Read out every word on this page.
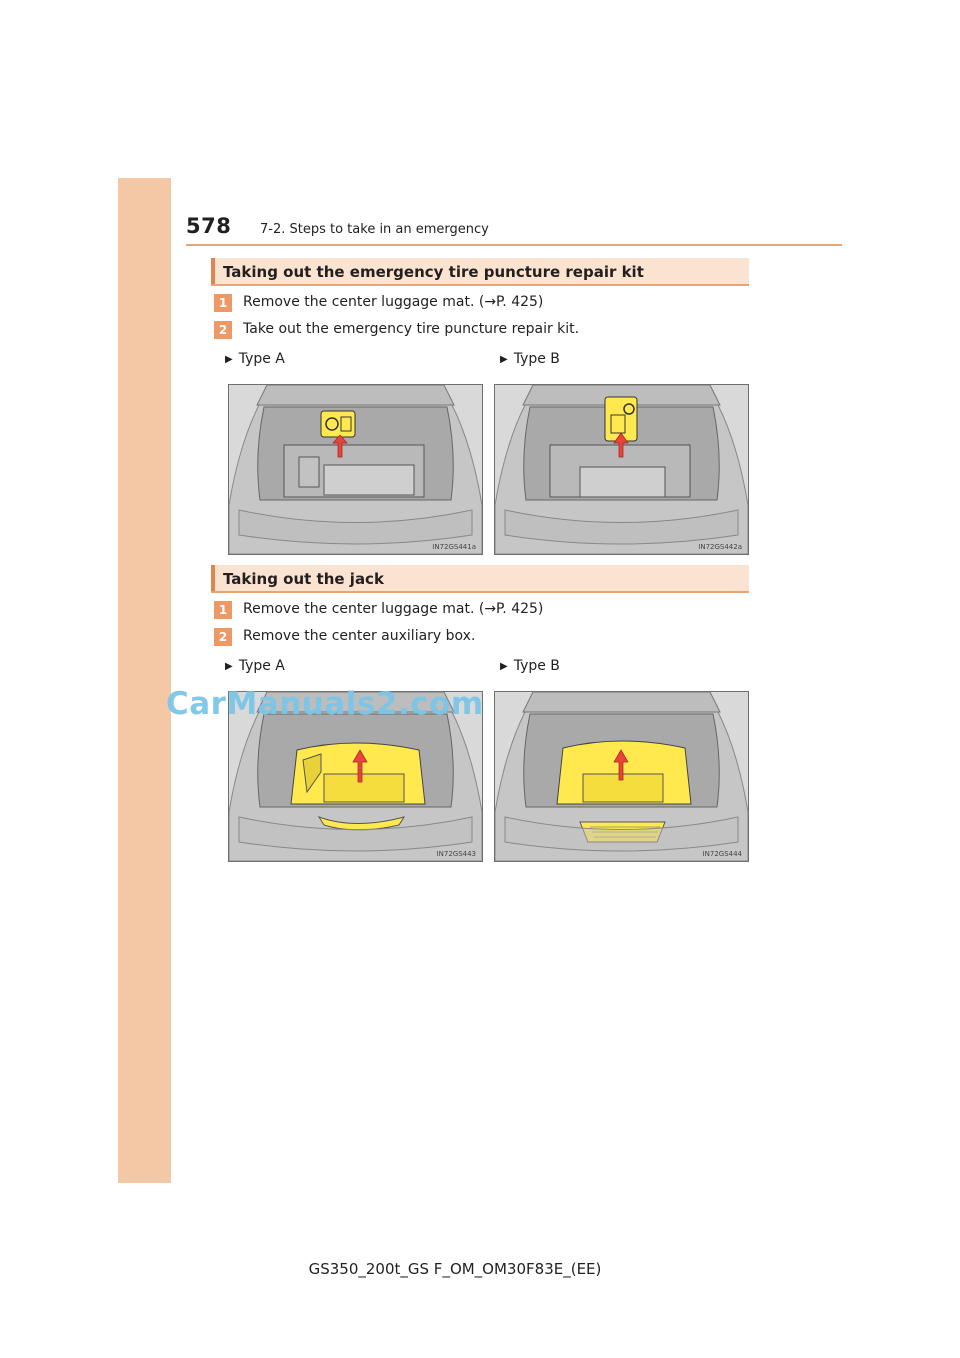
578 7-2. Steps to take in an emergency
Taking out the emergency tire puncture repair kit
1	Remove the center luggage mat. (→P. 425)
2	Take out the emergency tire puncture repair kit.
▶ Type A	▶ Type B
IN72GS441a	IN72GS442a
Taking out the jack
1	Remove the center luggage mat. (→P. 425)
2	Remove the center auxiliary box.
▶ Type A	▶ Type B
IN72GS443	IN72GS444
CarManuals2.com
GS350_200t_GS F_OM_OM30F83E_(EE)
